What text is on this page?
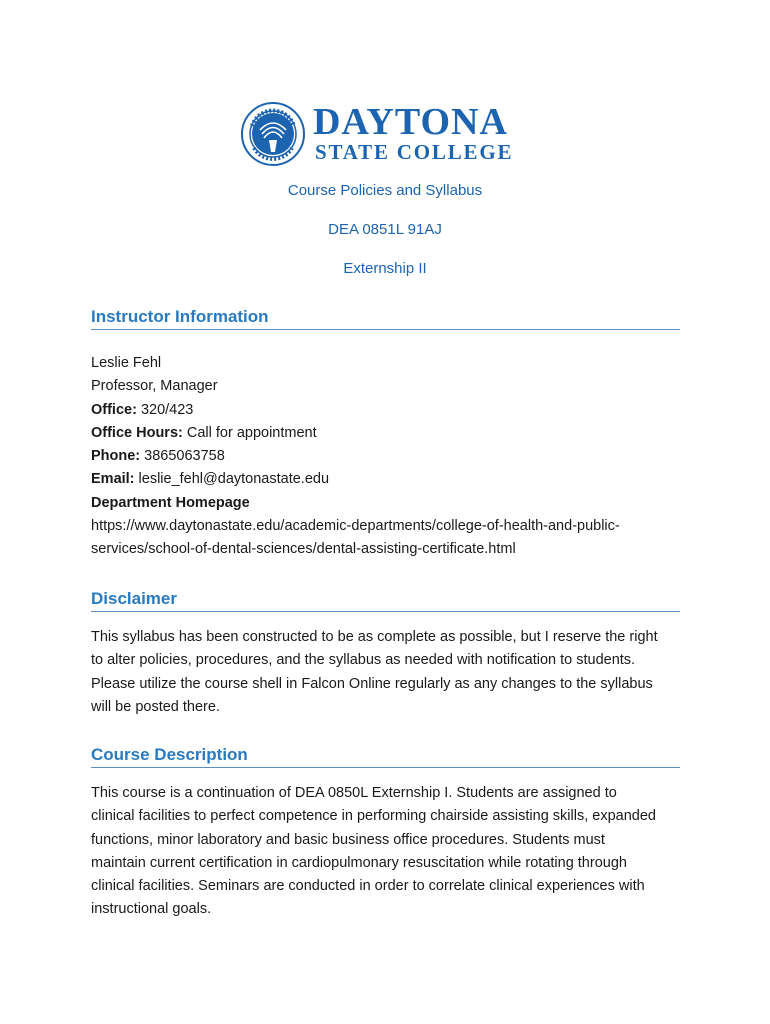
DAYTONA
STATE COLLEGE
Course Policies and Syllabus
DEA 0851L 91AJ
Externship II
Instructor Information
Leslie Fehl
Professor, Manager
Office: 320/423
Office Hours: Call for appointment
Phone: 3865063758
Email: leslie_fehl@daytonastate.edu
Department Homepage
https://www.daytonastate.edu/academic-departments/college-of-health-and-public-
services/school-of-dental-sciences/dental-assisting-certificate.html
Disclaimer
This syllabus has been constructed to be as complete as possible, but I reserve the right
to alter policies, procedures, and the syllabus as needed with notification to students.
Please utilize the course shell in Falcon Online regularly as any changes to the syllabus
will be posted there.
Course Description
This course is a continuation of DEA 0850L Externship I. Students are assigned to
clinical facilities to perfect competence in performing chairside assisting skills, expanded
functions, minor laboratory and basic business office procedures. Students must
maintain current certification in cardiopulmonary resuscitation while rotating through
clinical facilities. Seminars are conducted in order to correlate clinical experiences with
instructional goals.
